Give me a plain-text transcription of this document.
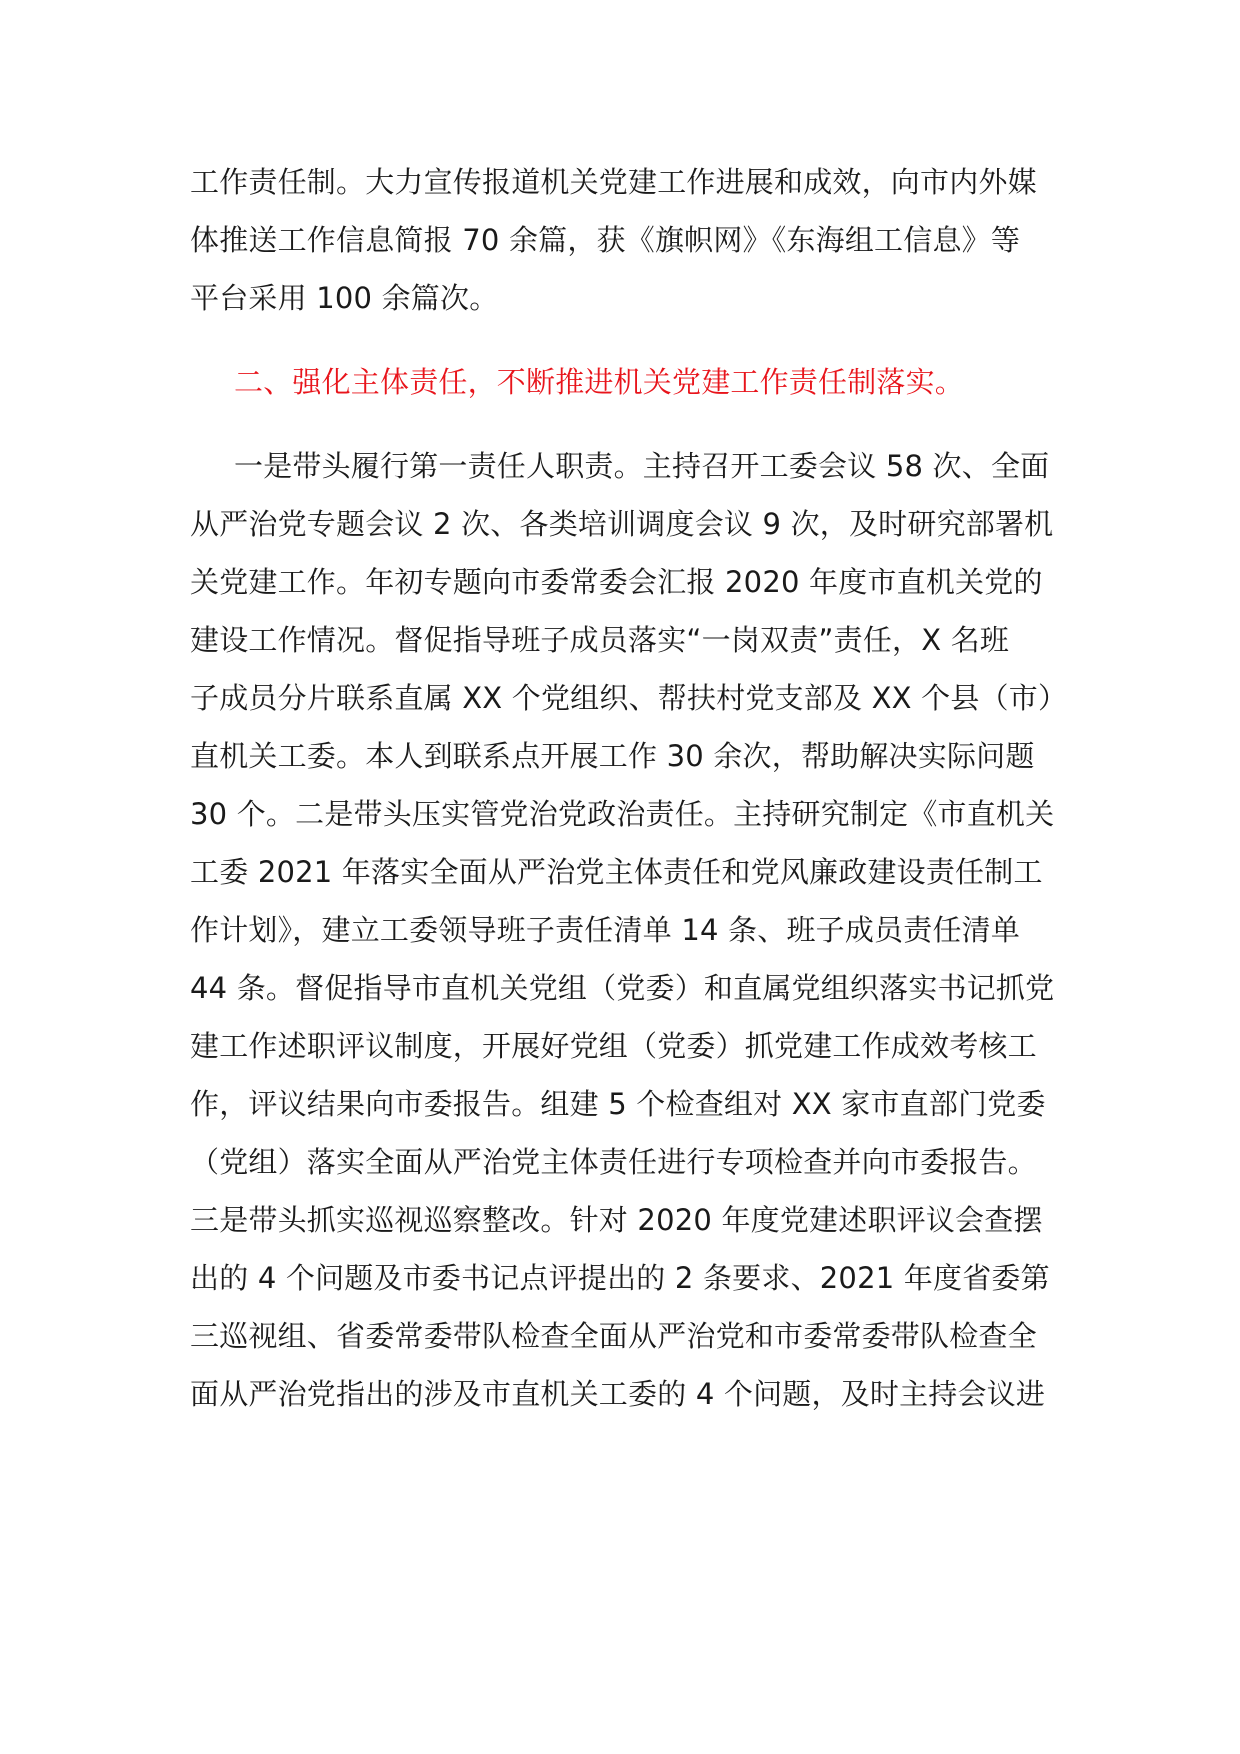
工作责任制。大力宣传报道机关党建工作进展和成效，向市内外媒
体推送工作信息简报 70 余篇，获《旗帜网》《东海组工信息》等
平台采用 100 余篇次。
二、强化主体责任，不断推进机关党建工作责任制落实。
一是带头履行第一责任人职责。主持召开工委会议 58 次、全面
从严治党专题会议 2 次、各类培训调度会议 9 次，及时研究部署机
关党建工作。年初专题向市委常委会汇报 2020 年度市直机关党的
建设工作情况。督促指导班子成员落实“一岗双责”责任，X 名班
子成员分片联系直属 XX 个党组织、帮扶村党支部及 XX 个县（市）
直机关工委。本人到联系点开展工作 30 余次，帮助解决实际问题
30 个。二是带头压实管党治党政治责任。主持研究制定《市直机关
工委 2021 年落实全面从严治党主体责任和党风廉政建设责任制工
作计划》，建立工委领导班子责任清单 14 条、班子成员责任清单
44 条。督促指导市直机关党组（党委）和直属党组织落实书记抓党
建工作述职评议制度，开展好党组（党委）抓党建工作成效考核工
作，评议结果向市委报告。组建 5 个检查组对 XX 家市直部门党委
（党组）落实全面从严治党主体责任进行专项检查并向市委报告。
三是带头抓实巡视巡察整改。针对 2020 年度党建述职评议会查摆
出的 4 个问题及市委书记点评提出的 2 条要求、2021 年度省委第
三巡视组、省委常委带队检查全面从严治党和市委常委带队检查全
面从严治党指出的涉及市直机关工委的 4 个问题，及时主持会议进
